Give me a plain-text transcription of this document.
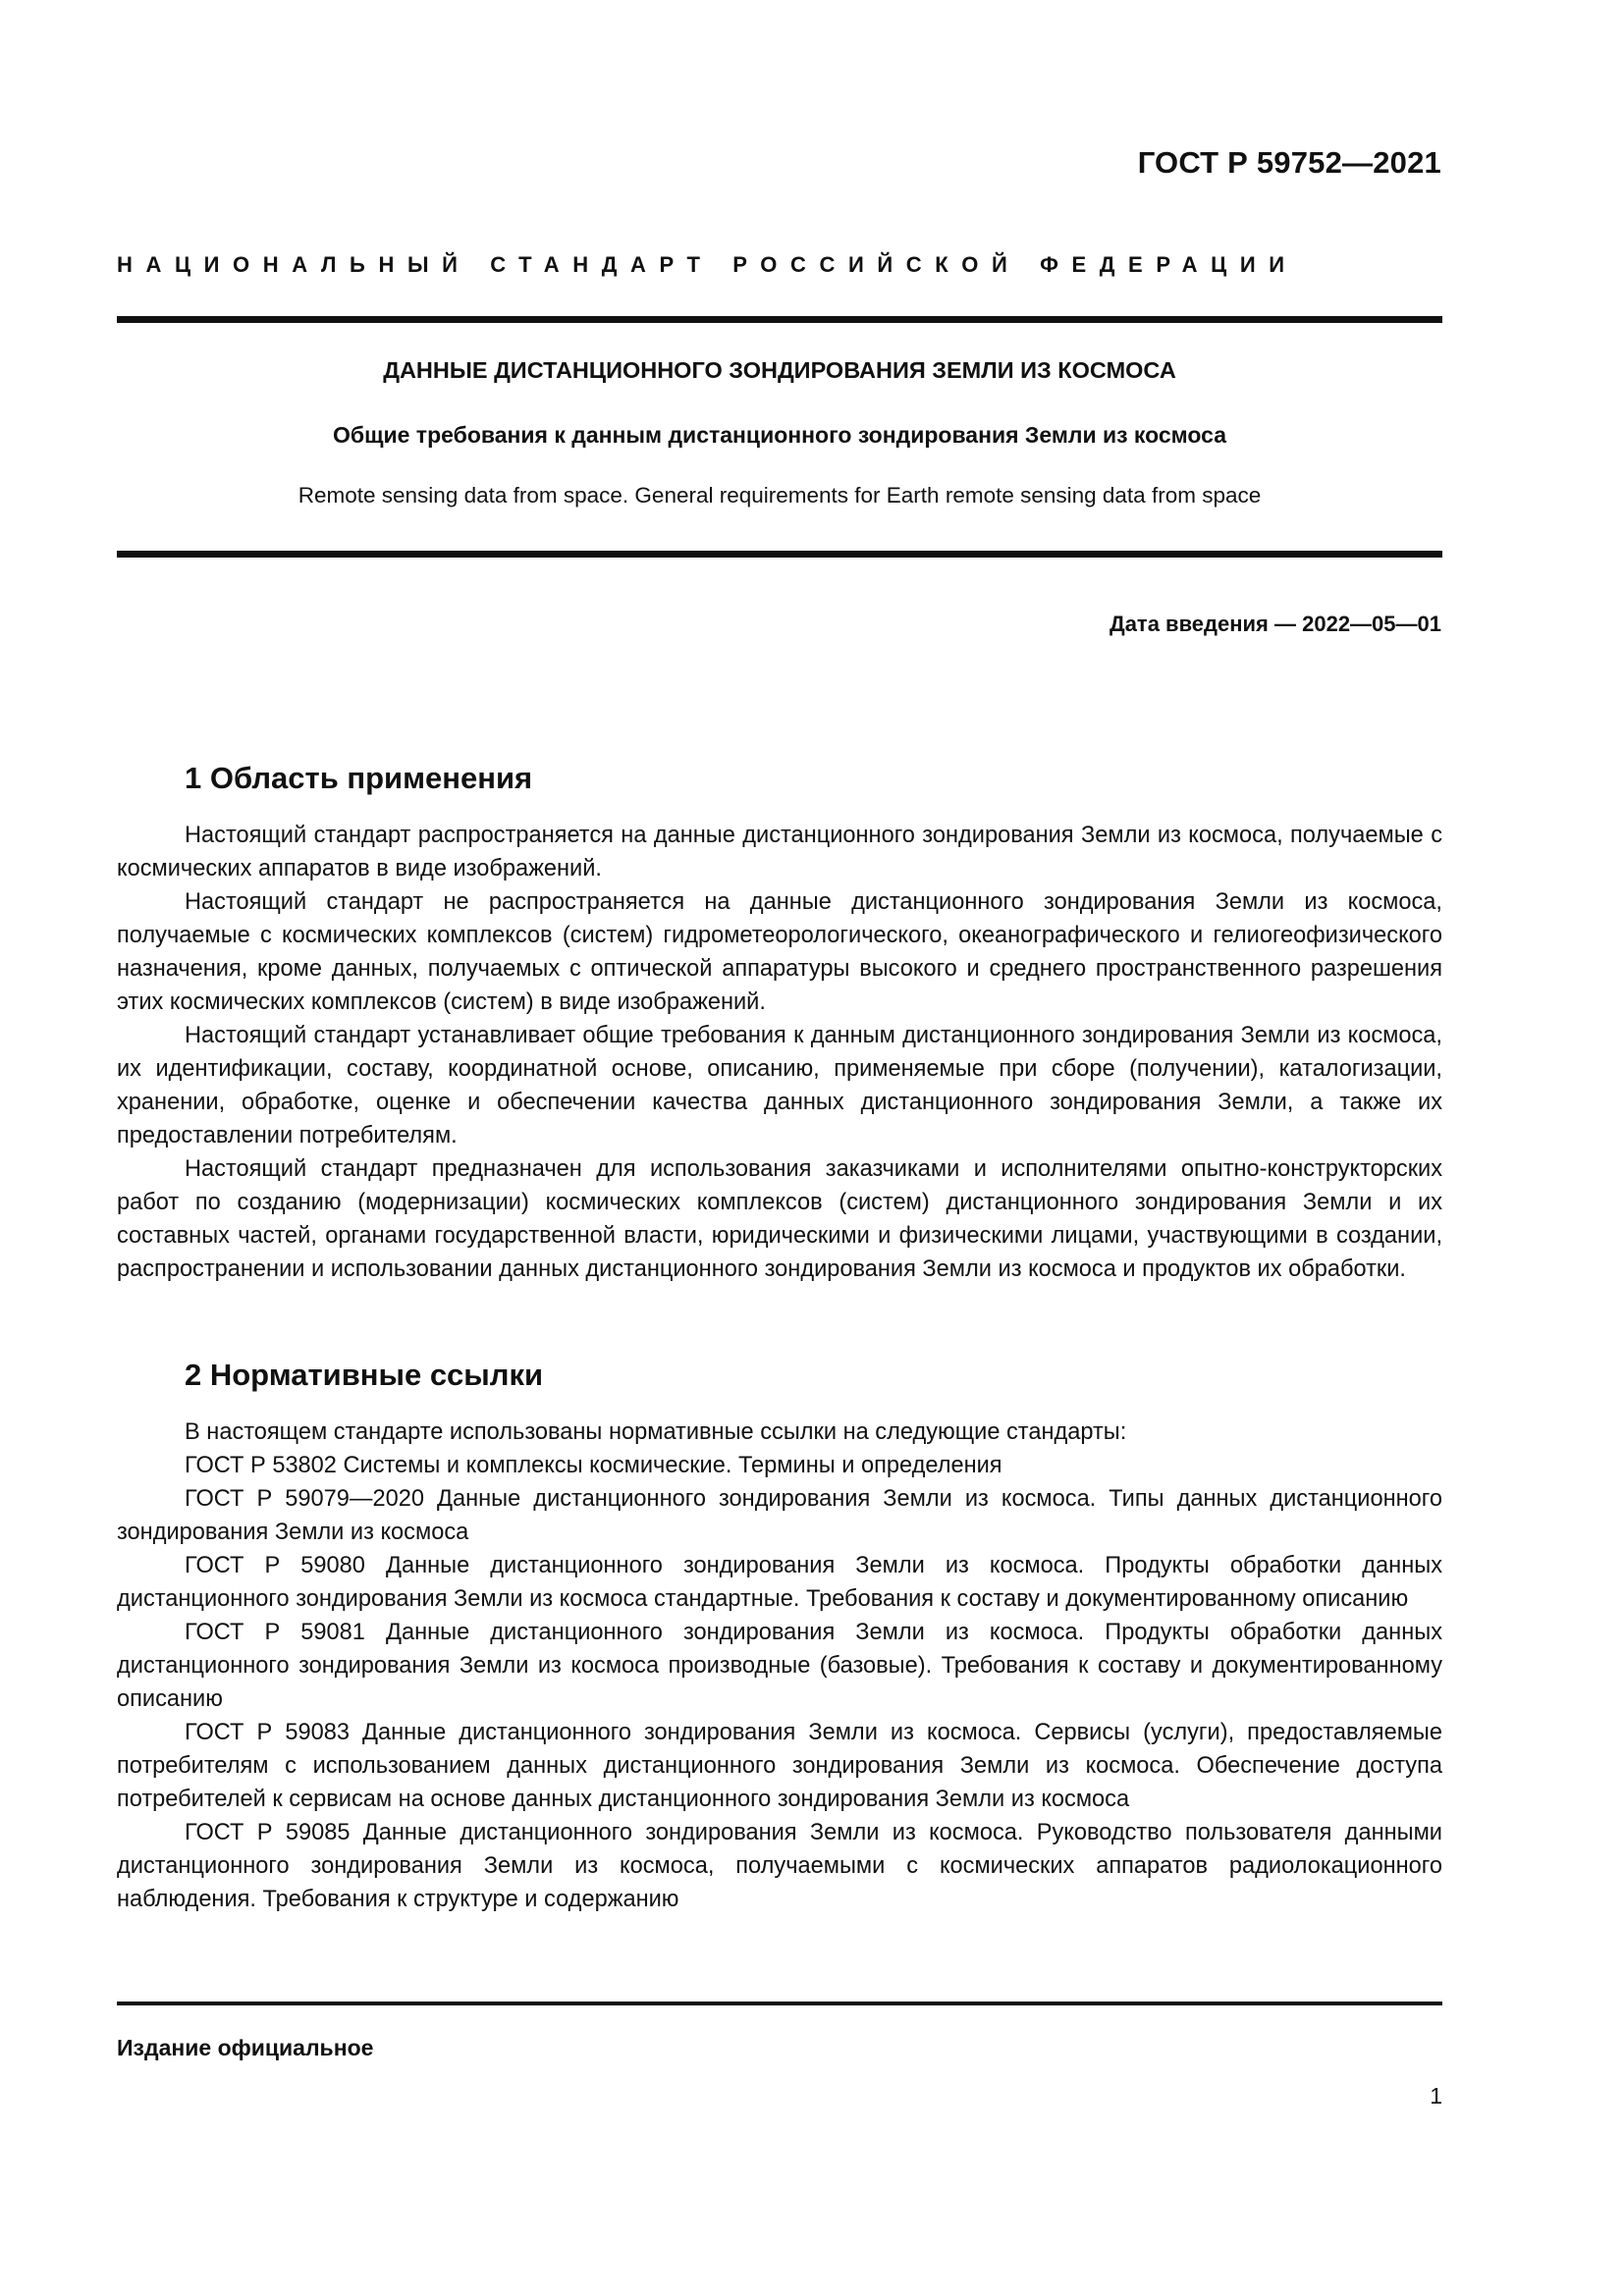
ГОСТ Р 59752—2021
НАЦИОНАЛЬНЫЙ СТАНДАРТ РОССИЙСКОЙ ФЕДЕРАЦИИ
ДАННЫЕ ДИСТАНЦИОННОГО ЗОНДИРОВАНИЯ ЗЕМЛИ ИЗ КОСМОСА
Общие требования к данным дистанционного зондирования Земли из космоса
Remote sensing data from space. General requirements for Earth remote sensing data from space
Дата введения — 2022—05—01
1 Область применения

Настоящий стандарт распространяется на данные дистанционного зондирования Земли из космоса, получаемые с космических аппаратов в виде изображений.

Настоящий стандарт не распространяется на данные дистанционного зондирования Земли из космоса, получаемые с космических комплексов (систем) гидрометеорологического, океанографического и гелиогеофизического назначения, кроме данных, получаемых с оптической аппаратуры высокого и среднего пространственного разрешения этих космических комплексов (систем) в виде изображений.

Настоящий стандарт устанавливает общие требования к данным дистанционного зондирования Земли из космоса, их идентификации, составу, координатной основе, описанию, применяемые при сборе (получении), каталогизации, хранении, обработке, оценке и обеспечении качества данных дистанционного зондирования Земли, а также их предоставлении потребителям.

Настоящий стандарт предназначен для использования заказчиками и исполнителями опытно-конструкторских работ по созданию (модернизации) космических комплексов (систем) дистанционного зондирования Земли и их составных частей, органами государственной власти, юридическими и физическими лицами, участвующими в создании, распространении и использовании данных дистанционного зондирования Земли из космоса и продуктов их обработки.

2 Нормативные ссылки

В настоящем стандарте использованы нормативные ссылки на следующие стандарты:

ГОСТ Р 53802 Системы и комплексы космические. Термины и определения

ГОСТ Р 59079—2020 Данные дистанционного зондирования Земли из космоса. Типы данных дистанционного зондирования Земли из космоса

ГОСТ Р 59080 Данные дистанционного зондирования Земли из космоса. Продукты обработки данных дистанционного зондирования Земли из космоса стандартные. Требования к составу и документированному описанию

ГОСТ Р 59081 Данные дистанционного зондирования Земли из космоса. Продукты обработки данных дистанционного зондирования Земли из космоса производные (базовые). Требования к составу и документированному описанию

ГОСТ Р 59083 Данные дистанционного зондирования Земли из космоса. Сервисы (услуги), предоставляемые потребителям с использованием данных дистанционного зондирования Земли из космоса. Обеспечение доступа потребителей к сервисам на основе данных дистанционного зондирования Земли из космоса

ГОСТ Р 59085 Данные дистанционного зондирования Земли из космоса. Руководство пользователя данными дистанционного зондирования Земли из космоса, получаемыми с космических аппаратов радиолокационного наблюдения. Требования к структуре и содержанию

Издание официальное
1
